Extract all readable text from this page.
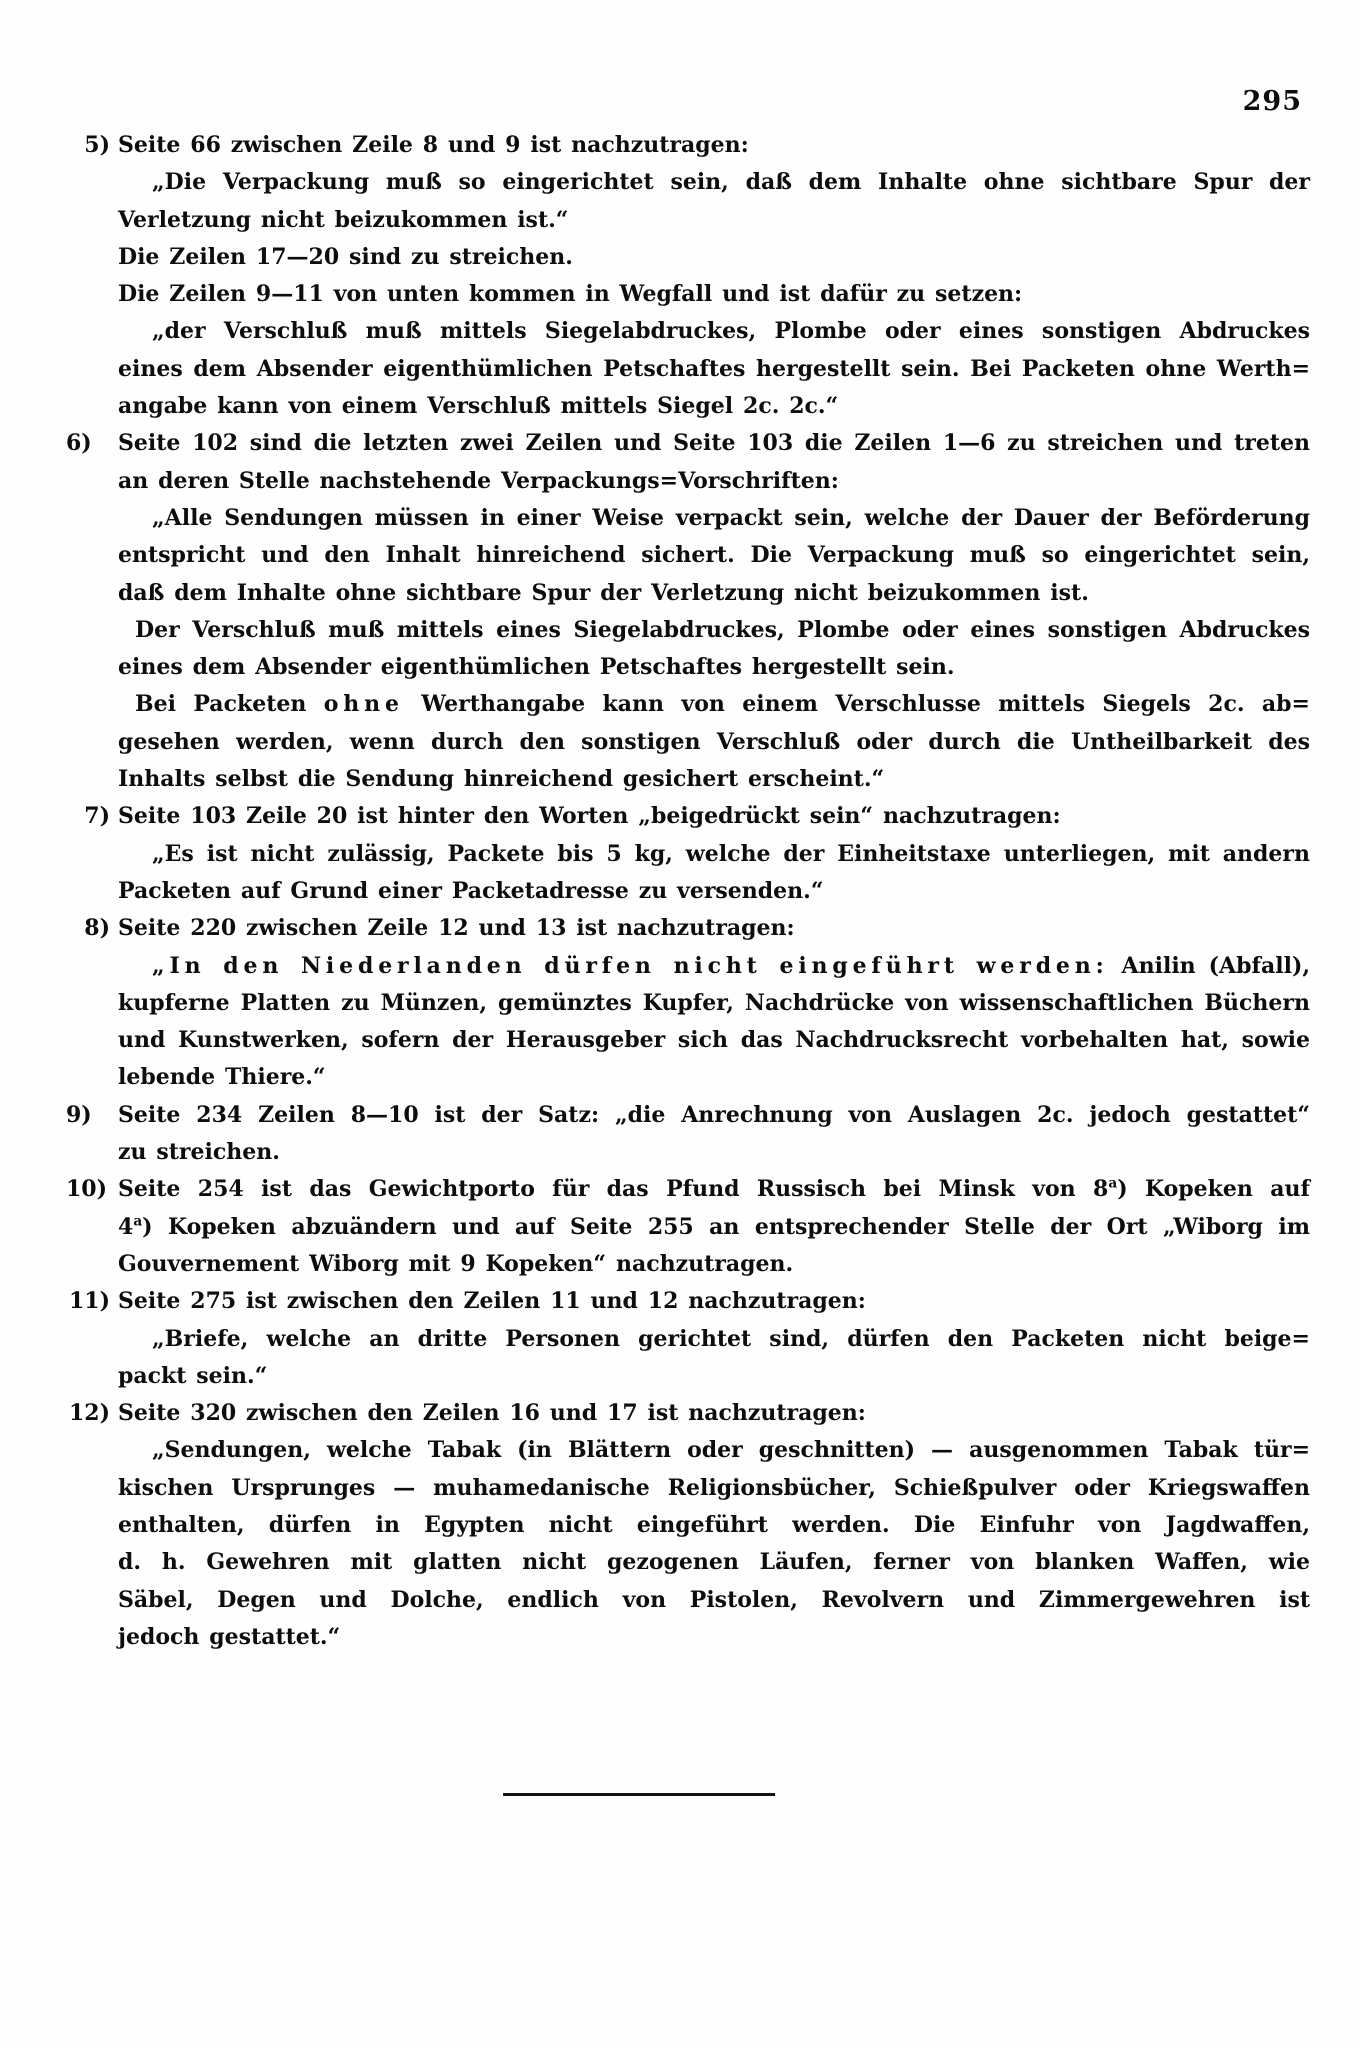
295
5) Seite 66 zwischen Zeile 8 und 9 ist nachzutragen:
„Die Verpackung muß so eingerichtet sein, daß dem Inhalte ohne sichtbare Spur der
Verletzung nicht beizukommen ist.“
Die Zeilen 17—20 sind zu streichen.
Die Zeilen 9—11 von unten kommen in Wegfall und ist dafür zu setzen:
„der Verschluß muß mittels Siegelabdruckes, Plombe oder eines sonstigen Abdruckes
eines dem Absender eigenthümlichen Petschaftes hergestellt sein. Bei Packeten ohne Werth=
angabe kann von einem Verschluß mittels Siegel 2c. 2c.“
6)	Seite 102 sind die letzten zwei Zeilen und Seite 103 die Zeilen 1—6 zu streichen und treten
an deren Stelle nachstehende Verpackungs=Vorschriften:
„Alle Sendungen müssen in einer Weise verpackt sein, welche der Dauer der Beförderung
entspricht und den Inhalt hinreichend sichert. Die Verpackung muß so eingerichtet sein,
daß dem Inhalte ohne sichtbare Spur der Verletzung nicht beizukommen ist.
Der Verschluß muß mittels eines Siegelabdruckes, Plombe oder eines sonstigen Abdruckes
eines dem Absender eigenthümlichen Petschaftes hergestellt sein.
Bei Packeten ohne Werthangabe kann von einem Verschlusse mittels Siegels 2c. ab=
gesehen werden, wenn durch den sonstigen Verschluß oder durch die Untheilbarkeit des
Inhalts selbst die Sendung hinreichend gesichert erscheint.“
7) Seite 103 Zeile 20 ist hinter den Worten „beigedrückt sein“ nachzutragen:
„Es ist nicht zulässig, Packete bis 5 kg, welche der Einheitstaxe unterliegen, mit andern
Packeten auf Grund einer Packetadresse zu versenden.“
8) Seite 220 zwischen Zeile 12 und 13 ist nachzutragen:
„In den Niederlanden dürfen nicht eingeführt werden: Anilin (Abfall),
kupferne Platten zu Münzen, gemünztes Kupfer, Nachdrücke von wissenschaftlichen Büchern
und Kunstwerken, sofern der Herausgeber sich das Nachdrucksrecht vorbehalten hat, sowie
lebende Thiere.“
9)	Seite 234 Zeilen 8—10 ist der Satz: „die Anrechnung von Auslagen 2c. jedoch gestattet“
zu streichen.
10) Seite 254 ist das Gewichtporto für das Pfund Russisch bei Minsk von 8$^a$) Kopeken auf
4$^a$) Kopeken abzuändern und auf Seite 255 an entsprechender Stelle der Ort „Wiborg im
Gouvernement Wiborg mit 9 Kopeken“ nachzutragen.
11) Seite 275 ist zwischen den Zeilen 11 und 12 nachzutragen:
„Briefe, welche an dritte Personen gerichtet sind, dürfen den Packeten nicht beige=
packt sein.“
12) Seite 320 zwischen den Zeilen 16 und 17 ist nachzutragen:
„Sendungen, welche Tabak (in Blättern oder geschnitten) — ausgenommen Tabak tür=
kischen Ursprunges — muhamedanische Religionsbücher, Schießpulver oder Kriegswaffen
enthalten, dürfen in Egypten nicht eingeführt werden. Die Einfuhr von Jagdwaffen,
d. h. Gewehren mit glatten nicht gezogenen Läufen, ferner von blanken Waffen, wie
Säbel, Degen und Dolche, endlich von Pistolen, Revolvern und Zimmergewehren ist
jedoch gestattet.“
